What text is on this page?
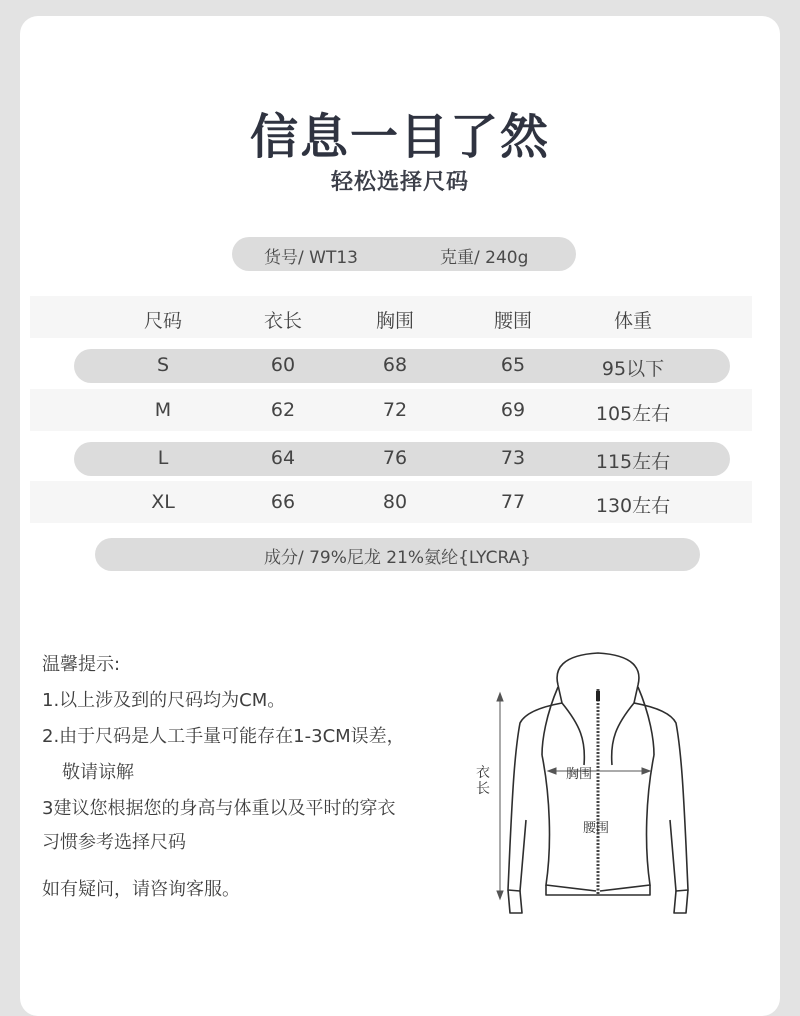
信息一目了然
轻松选择尺码
货号/ WT13	克重/ 240g
尺码	衣长	胸围	腰围	体重
S	60	68	65	95以下
M	62	72	69	105左右
L	64	76	73	115左右
XL	66	80	77	130左右
成分/ 79%尼龙 21%氨纶{LYCRA}
温馨提示:
1.以上涉及到的尺码均为CM。
2.由于尺码是人工手量可能存在1-3CM误差，
敬请谅解
3建议您根据您的身高与体重以及平时的穿衣
习惯参考选择尺码
如有疑问，请咨询客服。
衣长
胸围
腰围
